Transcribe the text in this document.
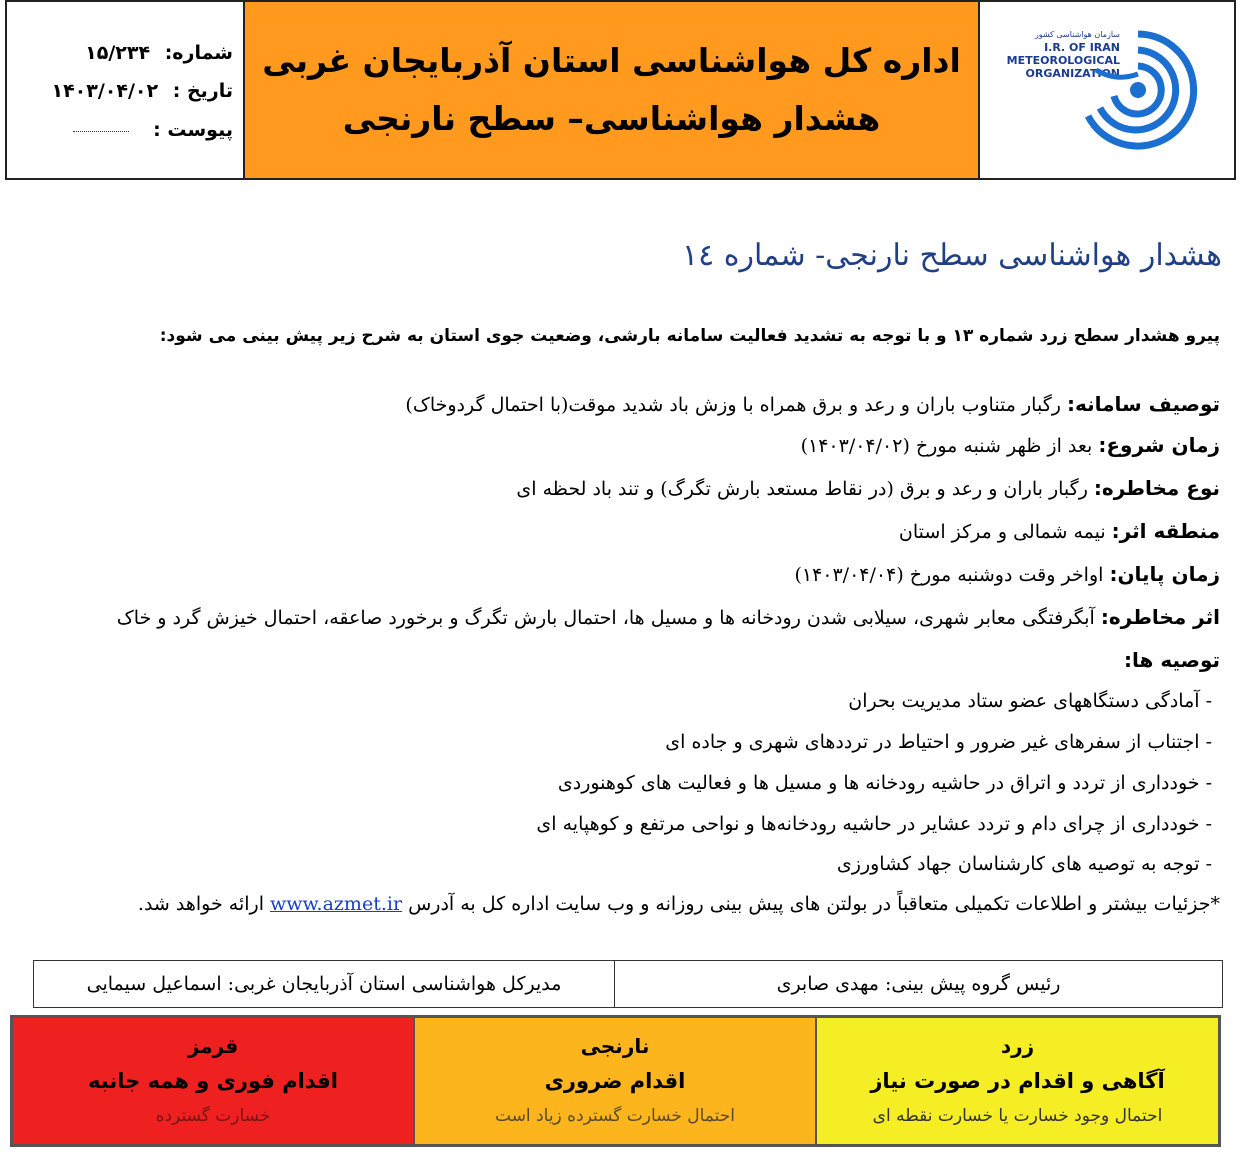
شماره: ۱۵/۲۳۴
تاریخ : ۱۴۰۳/۰۴/۰۲
پیوست :
اداره کل هواشناسی استان آذربایجان غربی
هشدار هواشناسی– سطح نارنجی
سازمان هواشناسی کشور
I.R. OF IRAN
METEOROLOGICAL
ORGANIZATION
هشدار هواشناسی سطح نارنجی- شماره ١٤
پیرو هشدار سطح زرد شماره ۱۳ و با توجه به تشدید فعالیت سامانه بارشی، وضعیت جوی استان به شرح زیر پیش بینی می شود:
توصیف سامانه: رگبار متناوب باران و رعد و برق همراه با وزش باد شدید موقت(با احتمال گردوخاک)
زمان شروع: بعد از ظهر شنبه مورخ (۱۴۰۳/۰۴/۰۲)
نوع مخاطره: رگبار باران و رعد و برق (در نقاط مستعد بارش تگرگ) و تند باد لحظه ای
منطقه اثر: نیمه شمالی و مرکز استان
زمان پایان: اواخر وقت دوشنبه مورخ (۱۴۰۳/۰۴/۰۴)
اثر مخاطره: آبگرفتگی معابر شهری، سیلابی شدن رودخانه ها و مسیل ها، احتمال بارش تگرگ و برخورد صاعقه، احتمال خیزش گرد و خاک
توصیه ها:
- آمادگی دستگاههای عضو ستاد مدیریت بحران
- اجتناب از سفرهای غیر ضرور و احتیاط در ترددهای شهری و جاده ای
- خودداری از تردد و اتراق در حاشیه رودخانه ها و مسیل ها و فعالیت های کوهنوردی
- خودداری از چرای دام و تردد عشایر در حاشیه رودخانه‌ها و نواحی مرتفع و کوهپایه ای
- توجه به توصیه های کارشناسان جهاد کشاورزی
*جزئیات بیشتر و اطلاعات تکمیلی متعاقباً در بولتن های پیش بینی روزانه و وب سایت اداره کل به آدرس www.azmet.ir ارائه خواهد شد.
رئیس گروه پیش بینی: مهدی صابری
مدیرکل هواشناسی استان آذربایجان غربی: اسماعیل سیمایی
قرمز
اقدام فوری و همه جانبه
خسارت گسترده
نارنجی
اقدام ضروری
احتمال خسارت گسترده زیاد است
زرد
آگاهی و اقدام در صورت نیاز
احتمال وجود خسارت یا خسارت نقطه ای
